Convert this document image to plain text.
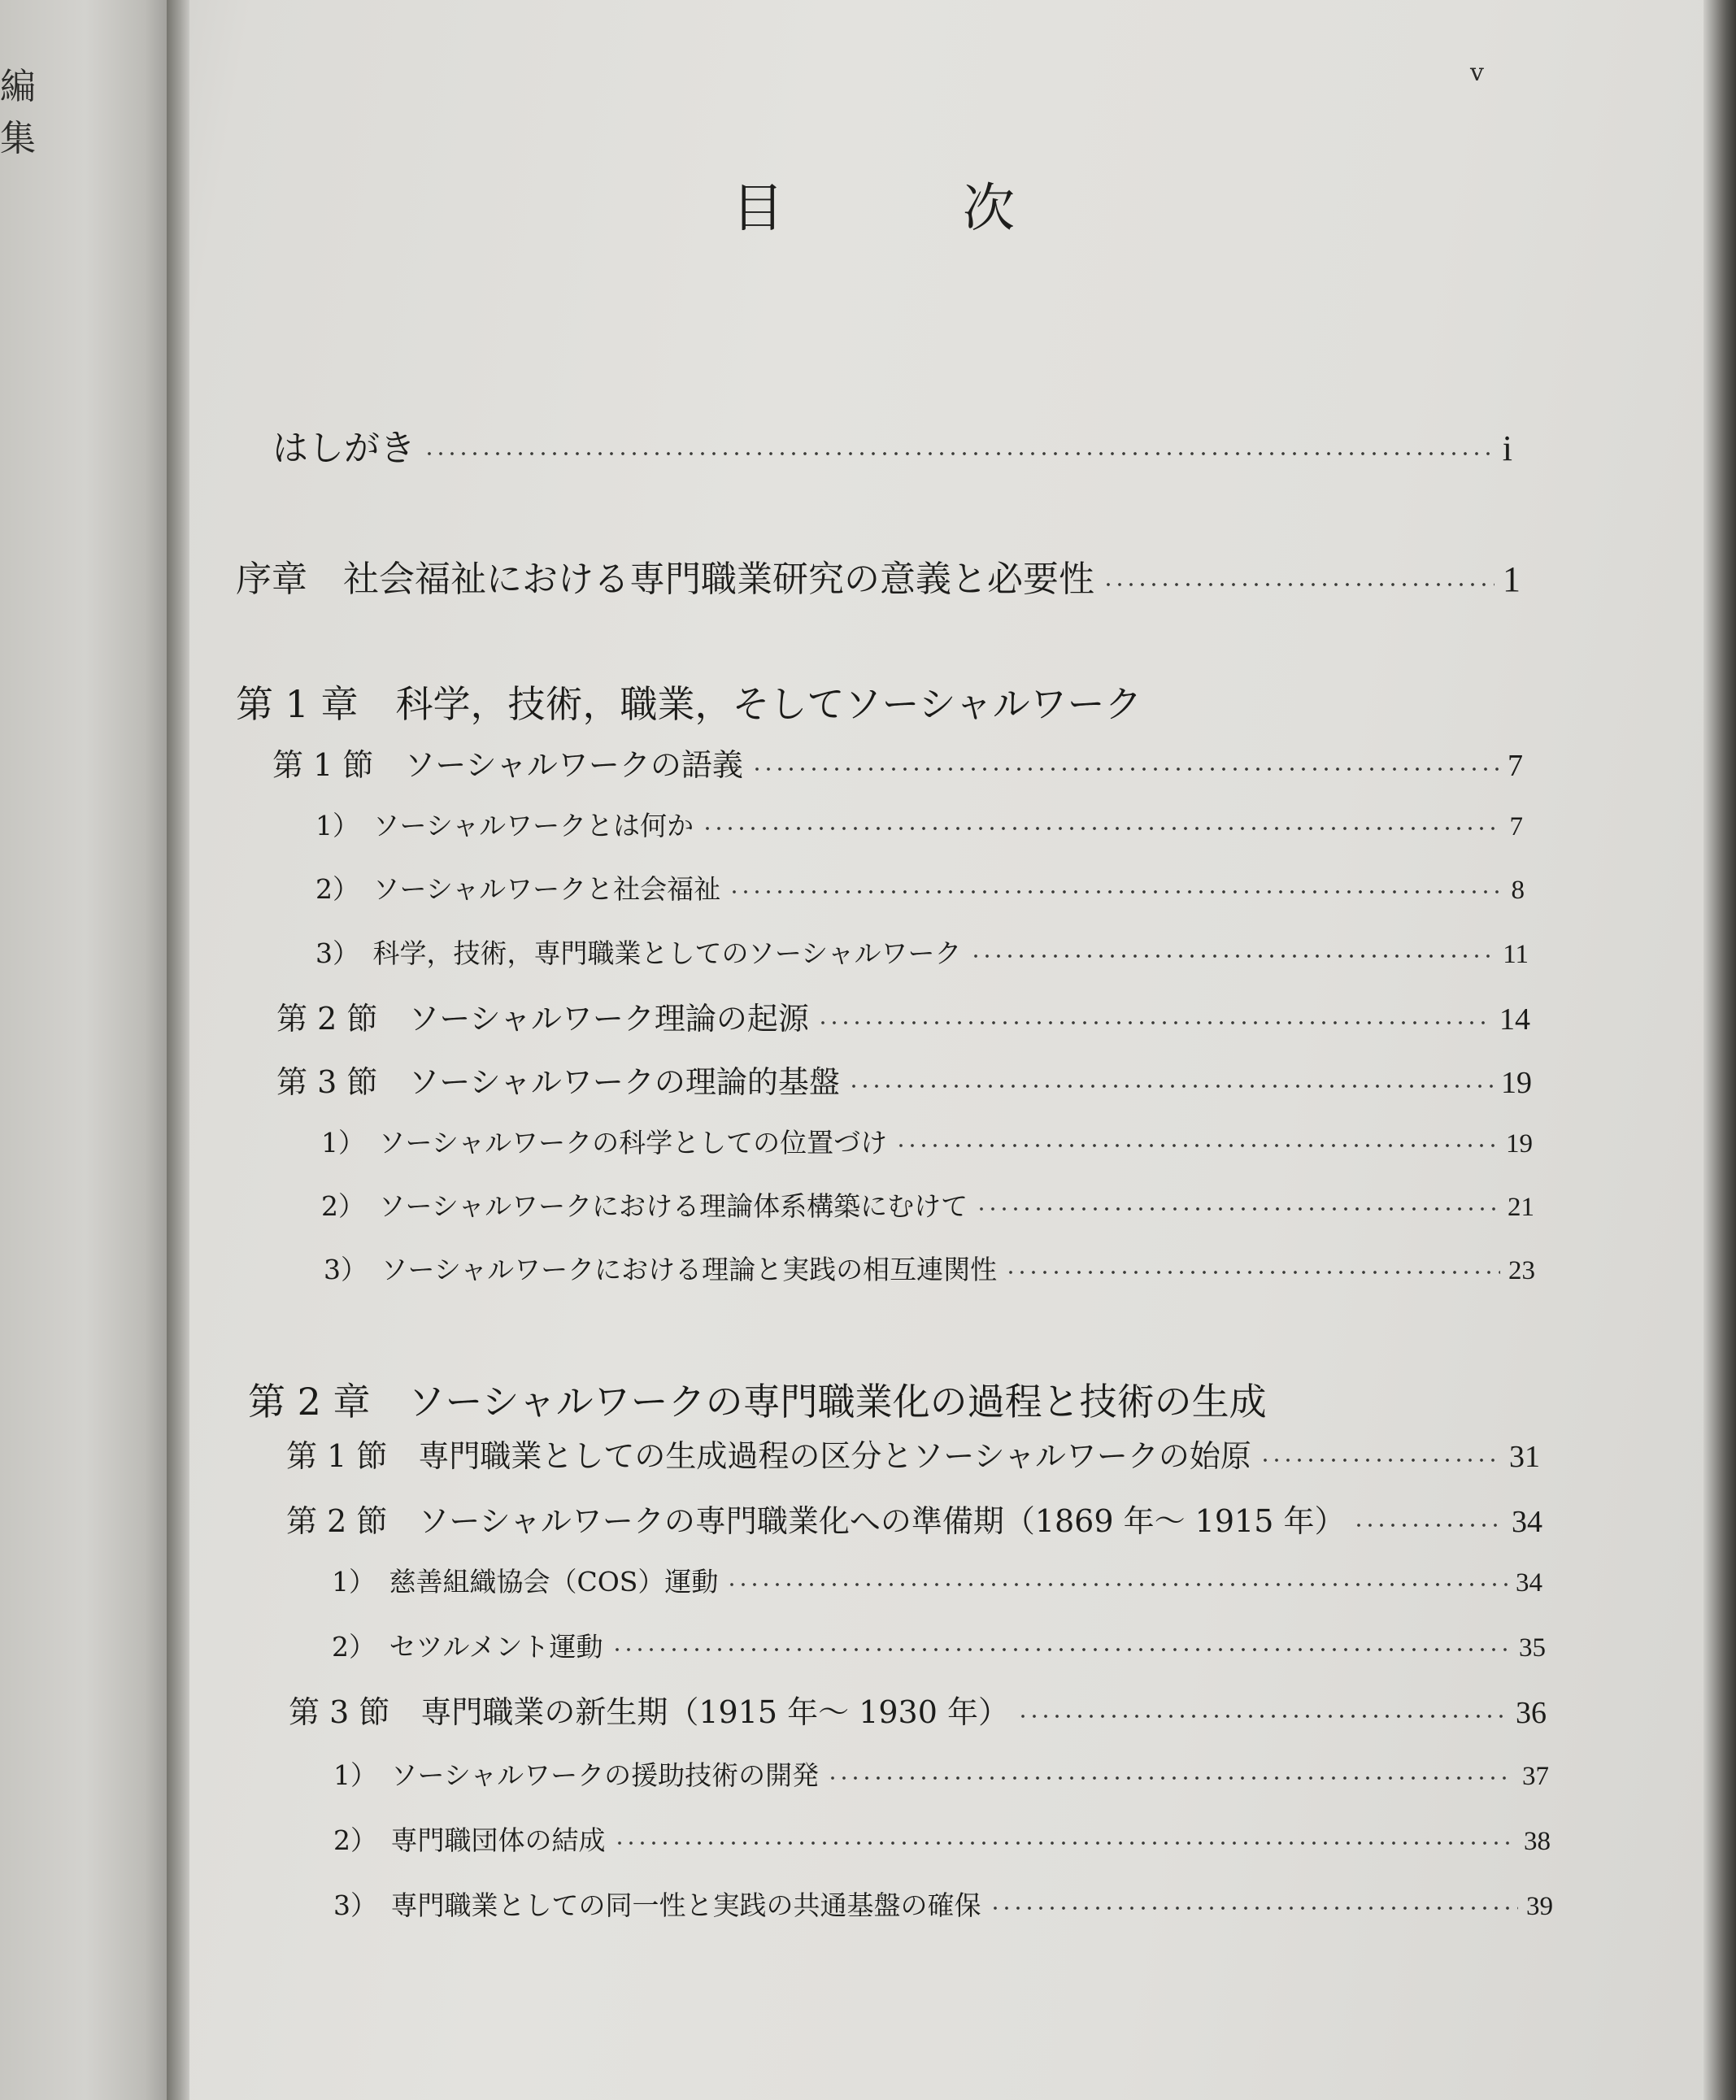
編集
v
目次
はしがき	i
序章　社会福祉における専門職業研究の意義と必要性	1
第 1 章　科学，技術，職業，そしてソーシャルワーク
第 1 節　ソーシャルワークの語義	7
1）　ソーシャルワークとは何か	7
2）　ソーシャルワークと社会福祉	8
3）　科学，技術，専門職業としてのソーシャルワーク	11
第 2 節　ソーシャルワーク理論の起源	14
第 3 節　ソーシャルワークの理論的基盤	19
1）　ソーシャルワークの科学としての位置づけ	19
2）　ソーシャルワークにおける理論体系構築にむけて	21
3）　ソーシャルワークにおける理論と実践の相互連関性	23
第 2 章　ソーシャルワークの専門職業化の過程と技術の生成
第 1 節　専門職業としての生成過程の区分とソーシャルワークの始原	31
第 2 節　ソーシャルワークの専門職業化への準備期（1869 年～ 1915 年）	34
1）　慈善組織協会（COS）運動	34
2）　セツルメント運動	35
第 3 節　専門職業の新生期（1915 年～ 1930 年）	36
1）　ソーシャルワークの援助技術の開発	37
2）　専門職団体の結成	38
3）　専門職業としての同一性と実践の共通基盤の確保	39
